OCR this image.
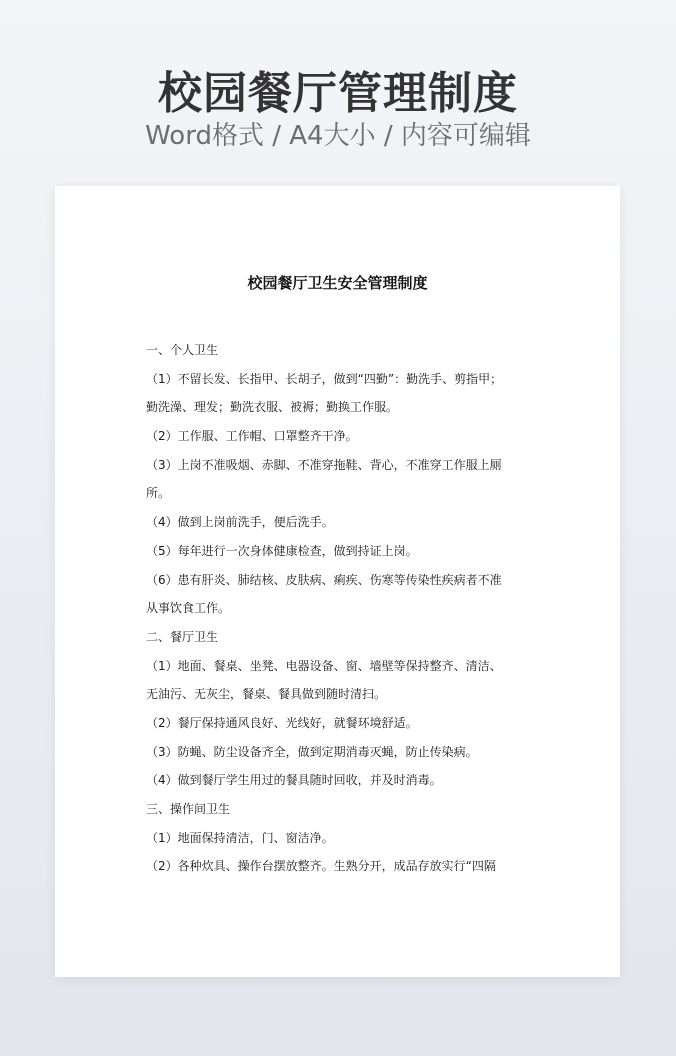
校园餐厅管理制度
Word格式 / A4大小 / 内容可编辑
校园餐厅卫生安全管理制度
一、个人卫生
（1）不留长发、长指甲、长胡子，做到“四勤”：勤洗手、剪指甲；
勤洗澡、理发；勤洗衣服、被褥；勤换工作服。
（2）工作服、工作帽、口罩整齐干净。
（3）上岗不准吸烟、赤脚、不准穿拖鞋、背心，不准穿工作服上厕
所。
（4）做到上岗前洗手，便后洗手。
（5）每年进行一次身体健康检查，做到持证上岗。
（6）患有肝炎、肺结核、皮肤病、痢疾、伤寒等传染性疾病者不准
从事饮食工作。
二、餐厅卫生
（1）地面、餐桌、坐凳、电器设备、窗、墙壁等保持整齐、清洁、
无油污、无灰尘，餐桌、餐具做到随时清扫。
（2）餐厅保持通风良好、光线好，就餐环境舒适。
（3）防蝇、防尘设备齐全，做到定期消毒灭蝇，防止传染病。
（4）做到餐厅学生用过的餐具随时回收，并及时消毒。
三、操作间卫生
（1）地面保持清洁，门、窗洁净。
（2）各种炊具、操作台摆放整齐。生熟分开，成品存放实行“四隔
